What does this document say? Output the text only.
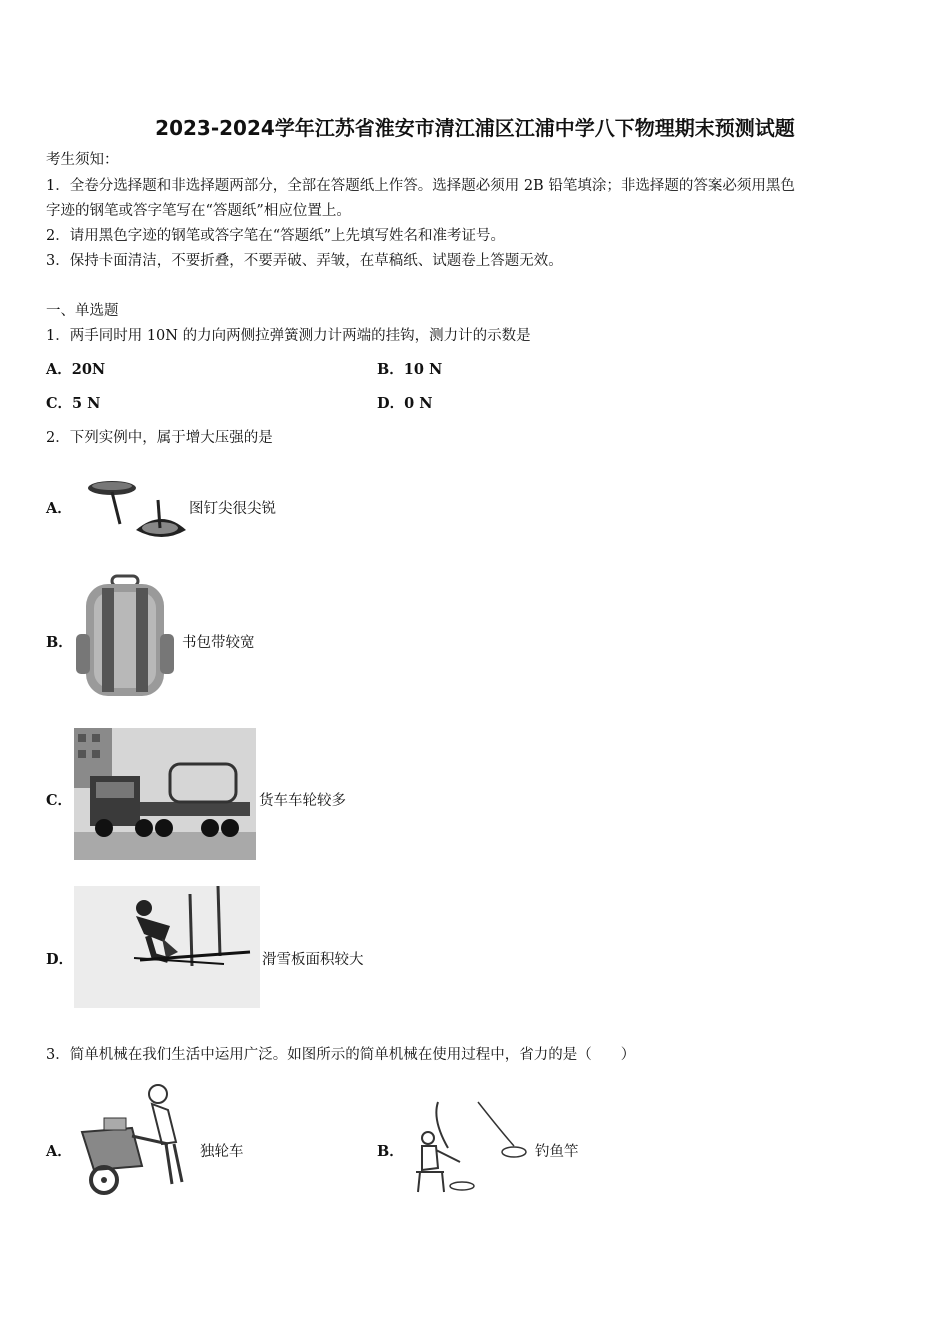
2023-2024学年江苏省淮安市清江浦区江浦中学八下物理期末预测试题
考生须知：
1．全卷分选择题和非选择题两部分，全部在答题纸上作答。选择题必须用 2B 铅笔填涂；非选择题的答案必须用黑色
字迹的钢笔或答字笔写在“答题纸”相应位置上。
2．请用黑色字迹的钢笔或答字笔在“答题纸”上先填写姓名和准考证号。
3．保持卡面清洁，不要折叠，不要弄破、弄皱，在草稿纸、试题卷上答题无效。
一、单选题
1．两手同时用 10N 的力向两侧拉弹簧测力计两端的挂钩，测力计的示数是
A．20N	B．10 N
C．5 N	D．0 N
2．下列实例中，属于增大压强的是
A．	图钉尖很尖锐
B．	书包带较宽
C．	货车车轮较多
D．	滑雪板面积较大
3．简单机械在我们生活中运用广泛。如图所示的简单机械在使用过程中，省力的是（　　）
A．	独轮车	B．	钓鱼竿
